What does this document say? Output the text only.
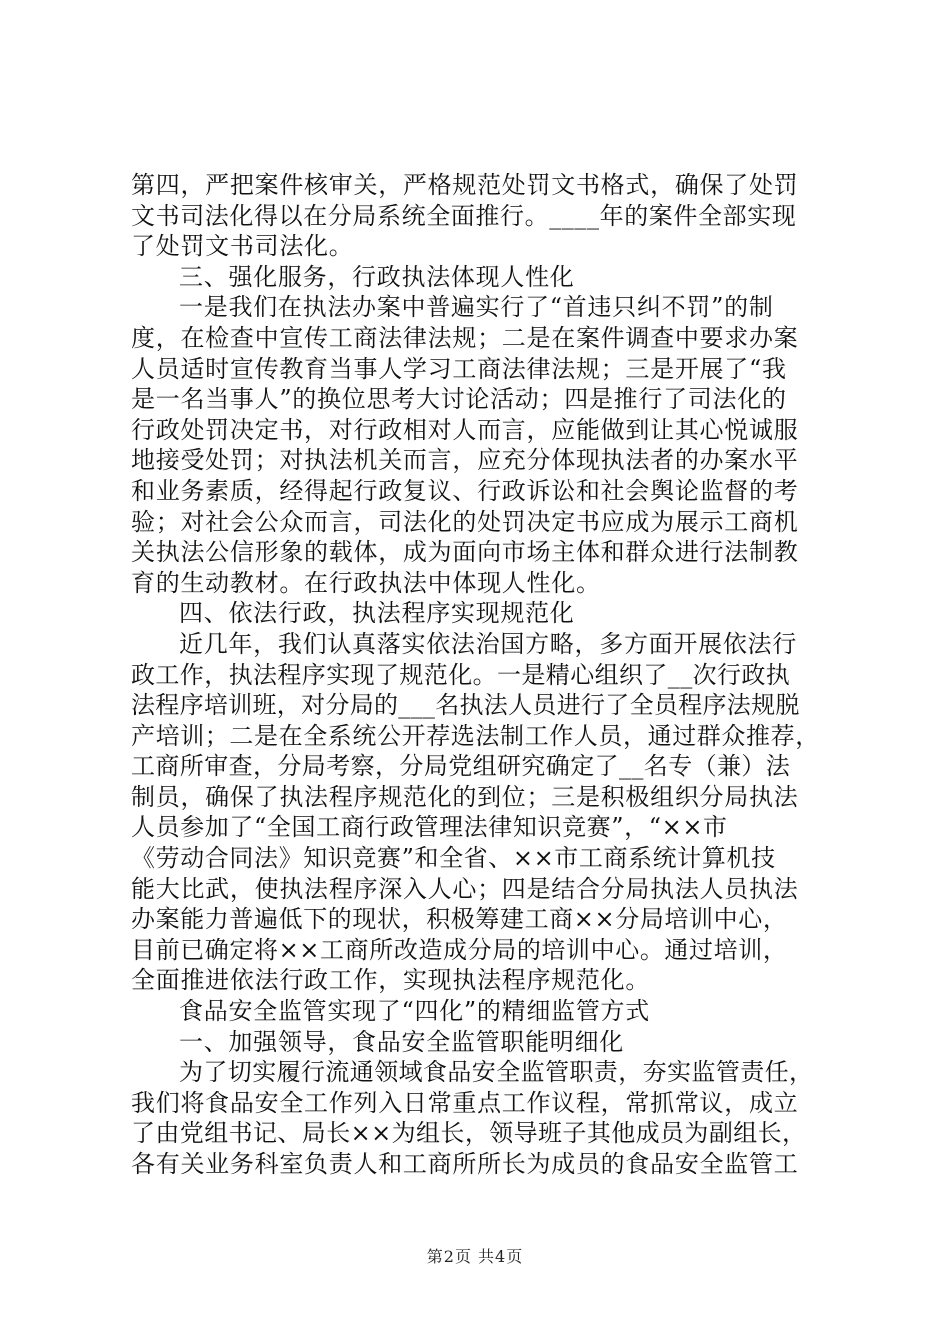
第四，严把案件核审关，严格规范处罚文书格式，确保了处罚
文书司法化得以在分局系统全面推行。____年的案件全部实现
了处罚文书司法化。
三、强化服务，行政执法体现人性化
一是我们在执法办案中普遍实行了“首违只纠不罚”的制
度，在检查中宣传工商法律法规；二是在案件调查中要求办案
人员适时宣传教育当事人学习工商法律法规；三是开展了“我
是一名当事人”的换位思考大讨论活动；四是推行了司法化的
行政处罚决定书，对行政相对人而言，应能做到让其心悦诚服
地接受处罚；对执法机关而言，应充分体现执法者的办案水平
和业务素质，经得起行政复议、行政诉讼和社会舆论监督的考
验；对社会公众而言，司法化的处罚决定书应成为展示工商机
关执法公信形象的载体，成为面向市场主体和群众进行法制教
育的生动教材。在行政执法中体现人性化。
四、依法行政，执法程序实现规范化
近几年，我们认真落实依法治国方略，多方面开展依法行
政工作，执法程序实现了规范化。一是精心组织了__次行政执
法程序培训班，对分局的___名执法人员进行了全员程序法规脱
产培训；二是在全系统公开荐选法制工作人员，通过群众推荐，
工商所审查，分局考察，分局党组研究确定了__名专（兼）法
制员，确保了执法程序规范化的到位；三是积极组织分局执法
人员参加了“全国工商行政管理法律知识竞赛”，“××市
《劳动合同法》知识竞赛”和全省、××市工商系统计算机技
能大比武，使执法程序深入人心；四是结合分局执法人员执法
办案能力普遍低下的现状，积极筹建工商××分局培训中心，
目前已确定将××工商所改造成分局的培训中心。通过培训，
全面推进依法行政工作，实现执法程序规范化。
食品安全监管实现了“四化”的精细监管方式
一、加强领导，食品安全监管职能明细化
为了切实履行流通领域食品安全监管职责，夯实监管责任，
我们将食品安全工作列入日常重点工作议程，常抓常议，成立
了由党组书记、局长××为组长，领导班子其他成员为副组长，
各有关业务科室负责人和工商所所长为成员的食品安全监管工
第2页 共4页
